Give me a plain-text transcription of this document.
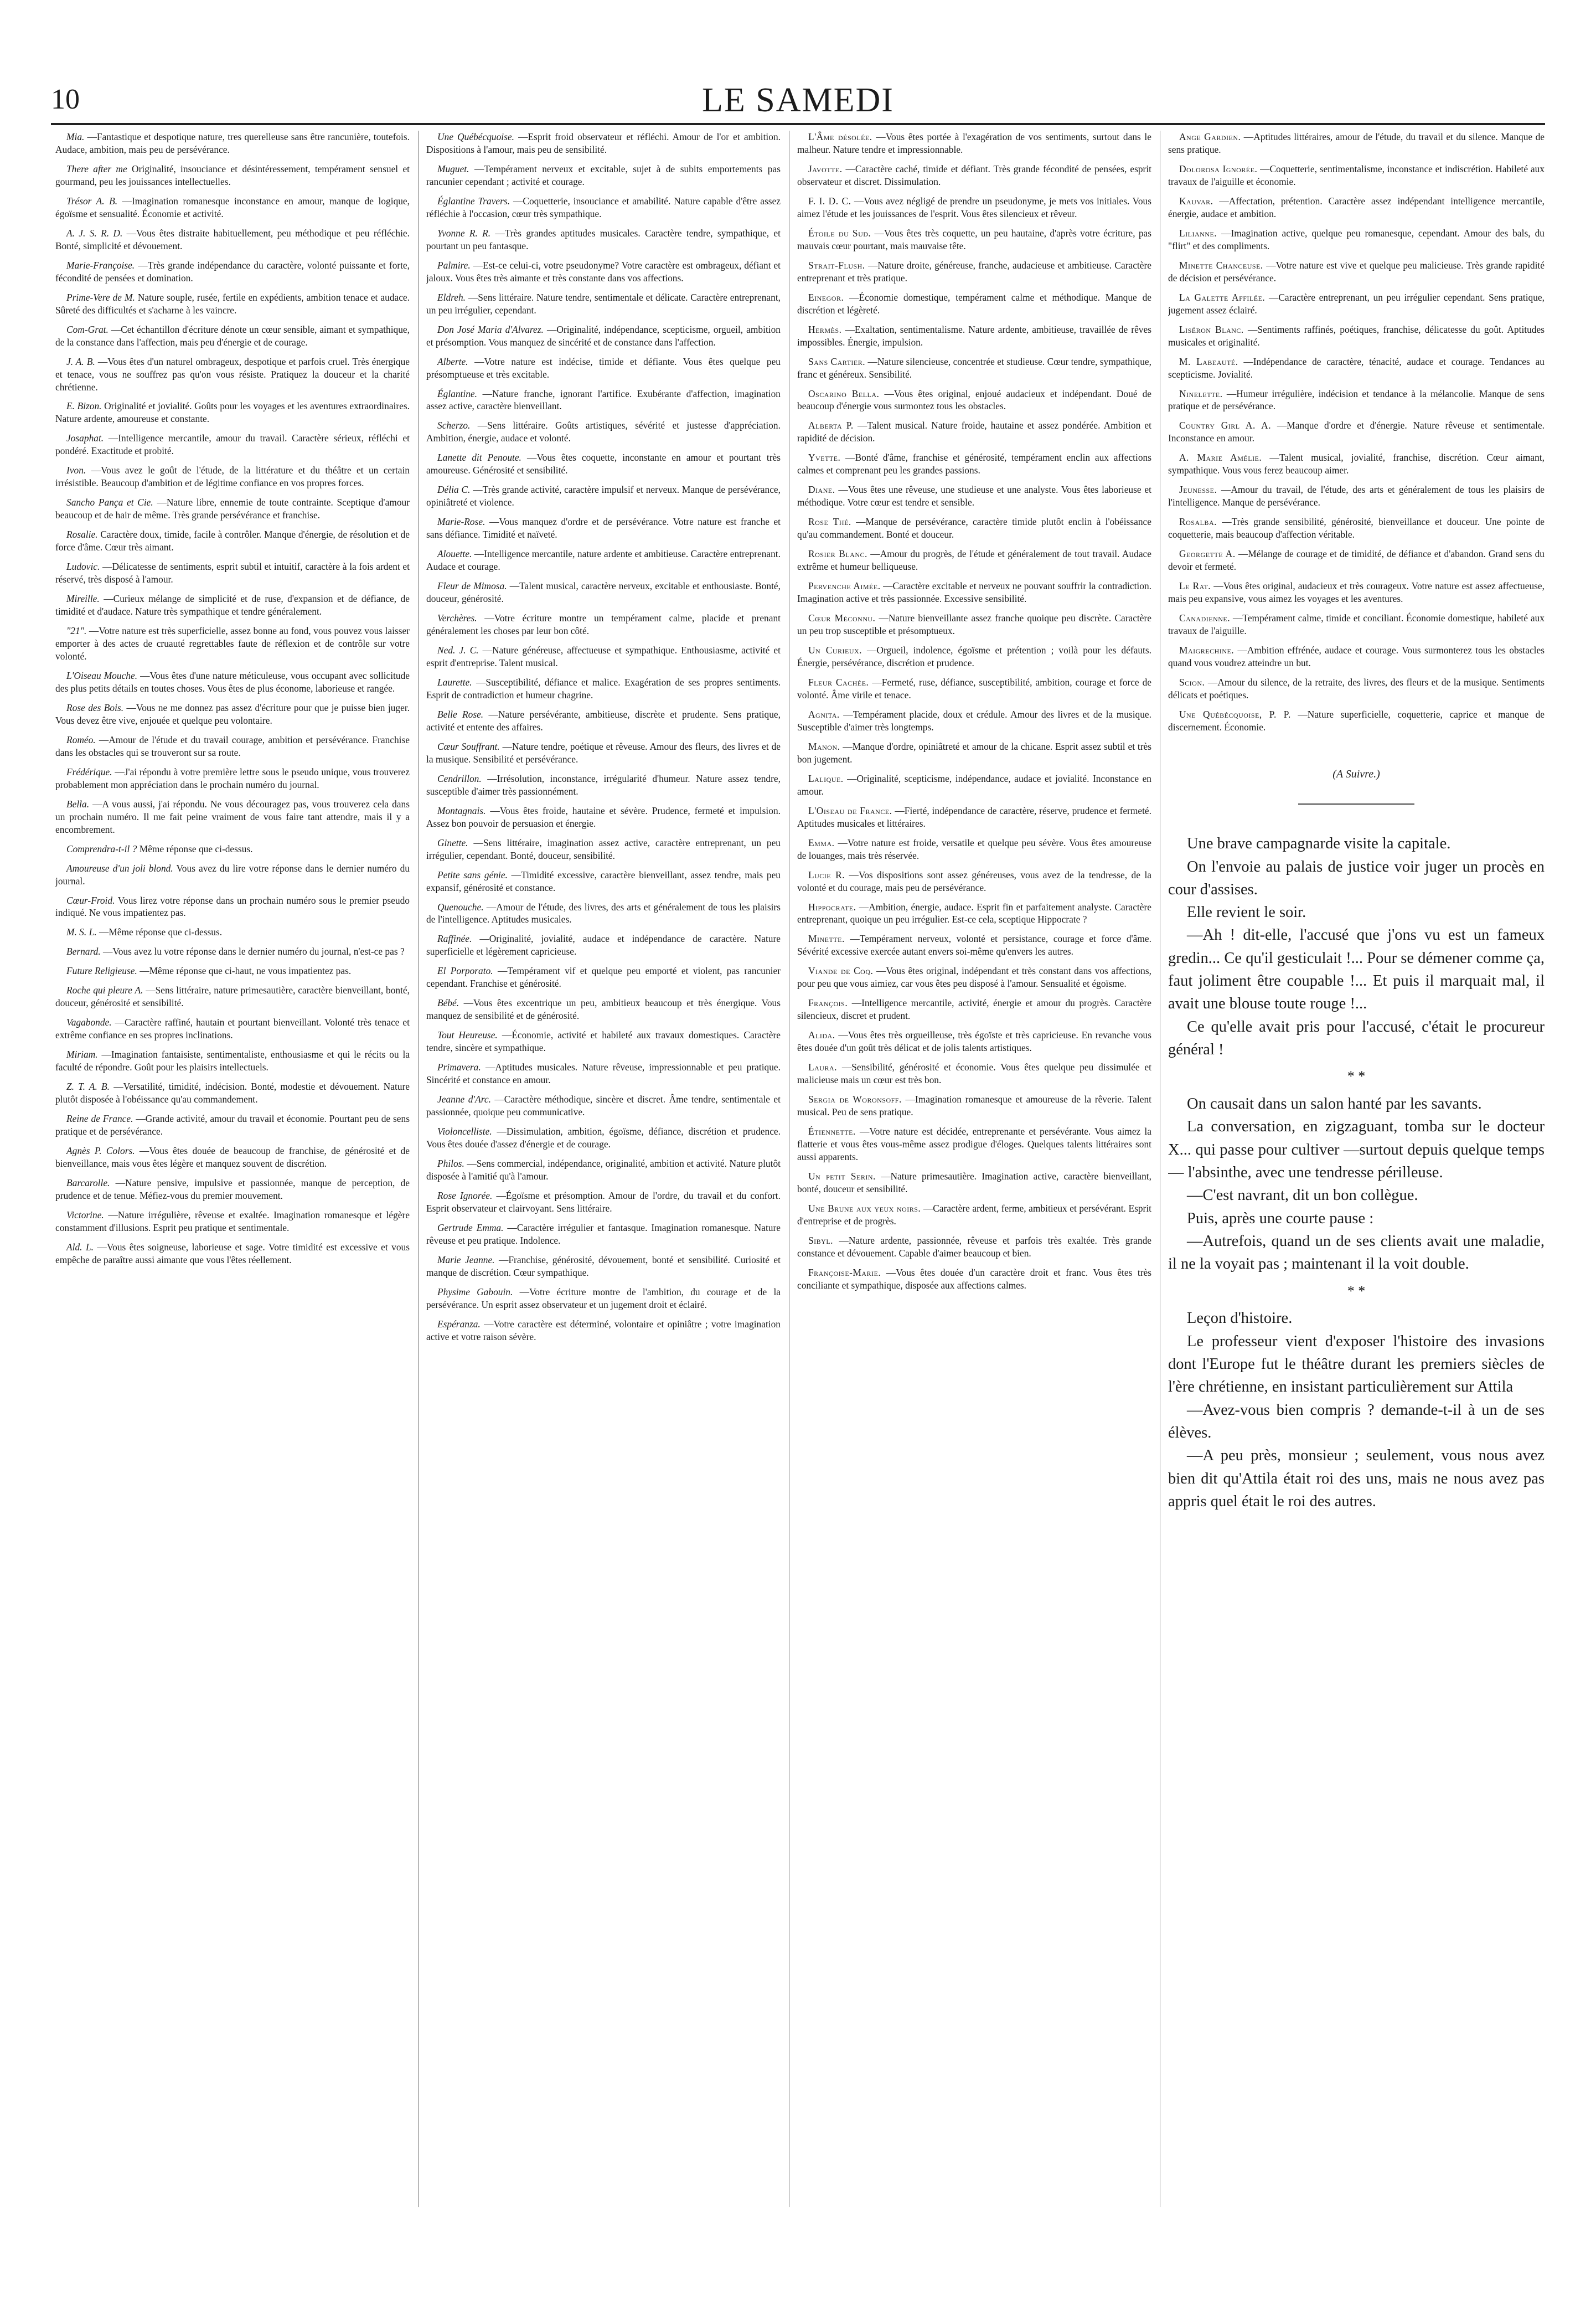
10	LE SAMEDI

Mia. —Fantastique et despotique nature, tres querelleuse sans être rancunière, toutefois. Audace, ambition, mais peu de persévérance.

There after me Originalité, insouciance et désintéressement, tempérament sensuel et gourmand, peu les jouissances intellectuelles.

Trésor A. B. —Imagination romanesque inconstance en amour, manque de logique, égoïsme et sensualité. Économie et activité.

A. J. S. R. D. —Vous êtes distraite habituellement, peu méthodique et peu réfléchie. Bonté, simplicité et dévouement.

Marie-Françoise. —Très grande indépendance du caractère, volonté puissante et forte, fécondité de pensées et domination.

Prime-Vere de M. Nature souple, rusée, fertile en expédients, ambition tenace et audace. Sûreté des difficultés et s'acharne à les vaincre.

Com-Grat. —Cet échantillon d'écriture dénote un cœur sensible, aimant et sympathique, de la constance dans l'affection, mais peu d'énergie et de courage.

J. A. B. —Vous êtes d'un naturel ombrageux, despotique et parfois cruel. Très énergique et tenace, vous ne souffrez pas qu'on vous résiste. Pratiquez la douceur et la charité chrétienne.

E. Bizon. Originalité et jovialité. Goûts pour les voyages et les aventures extraordinaires. Nature ardente, amoureuse et constante.

Josaphat. —Intelligence mercantile, amour du travail. Caractère sérieux, réfléchi et pondéré. Exactitude et probité.

Ivon. —Vous avez le goût de l'étude, de la littérature et du théâtre et un certain irrésistible. Beaucoup d'ambition et de légitime confiance en vos propres forces.

Sancho Pança et Cie. —Nature libre, ennemie de toute contrainte. Sceptique d'amour beaucoup et de hair de même. Très grande persévérance et franchise.

Rosalie. Caractère doux, timide, facile à contrôler. Manque d'énergie, de résolution et de force d'âme. Cœur très aimant.

Ludovic. —Délicatesse de sentiments, esprit subtil et intuitif, caractère à la fois ardent et réservé, très disposé à l'amour.

Mireille. —Curieux mélange de simplicité et de ruse, d'expansion et de défiance, de timidité et d'audace. Nature très sympathique et tendre généralement.

"21". —Votre nature est très superficielle, assez bonne au fond, vous pouvez vous laisser emporter à des actes de cruauté regrettables faute de réflexion et de contrôle sur votre volonté.

L'Oiseau Mouche. —Vous êtes d'une nature méticuleuse, vous occupant avec sollicitude des plus petits détails en toutes choses. Vous êtes de plus économe, laborieuse et rangée.

Rose des Bois. —Vous ne me donnez pas assez d'écriture pour que je puisse bien juger. Vous devez être vive, enjouée et quelque peu volontaire.

Roméo. —Amour de l'étude et du travail courage, ambition et persévérance. Franchise dans les obstacles qui se trouveront sur sa route.

Frédérique. —J'ai répondu à votre première lettre sous le pseudo unique, vous trouverez probablement mon appréciation dans le prochain numéro du journal.

Bella. —A vous aussi, j'ai répondu. Ne vous découragez pas, vous trouverez cela dans un prochain numéro. Il me fait peine vraiment de vous faire tant attendre, mais il y a encombrement.

Comprendra-t-il ? Même réponse que ci-dessus.

Amoureuse d'un joli blond. Vous avez du lire votre réponse dans le dernier numéro du journal.

Cœur-Froid. Vous lirez votre réponse dans un prochain numéro sous le premier pseudo indiqué. Ne vous impatientez pas.

M. S. L. —Même réponse que ci-dessus.

Bernard. —Vous avez lu votre réponse dans le dernier numéro du journal, n'est-ce pas ?

Future Religieuse. —Même réponse que ci-haut, ne vous impatientez pas.

Roche qui pleure A. —Sens littéraire, nature primesautière, caractère bienveillant, bonté, douceur, générosité et sensibilité.

Vagabonde. —Caractère raffiné, hautain et pourtant bienveillant. Volonté très tenace et extrême confiance en ses propres inclinations.

Miriam. —Imagination fantaisiste, sentimentaliste, enthousiasme et qui le récits ou la faculté de répondre. Goût pour les plaisirs intellectuels.

Z. T. A. B. —Versatilité, timidité, indécision. Bonté, modestie et dévouement. Nature plutôt disposée à l'obéissance qu'au commandement.

Reine de France. —Grande activité, amour du travail et économie. Pourtant peu de sens pratique et de persévérance.

Agnès P. Colors. —Vous êtes douée de beaucoup de franchise, de générosité et de bienveillance, mais vous êtes légère et manquez souvent de discrétion.

Barcarolle. —Nature pensive, impulsive et passionnée, manque de perception, de prudence et de tenue. Méfiez-vous du premier mouvement.

Victorine. —Nature irrégulière, rêveuse et exaltée. Imagination romanesque et légère constamment d'illusions. Esprit peu pratique et sentimentale.

Ald. L. —Vous êtes soigneuse, laborieuse et sage. Votre timidité est excessive et vous empêche de paraître aussi aimante que vous l'êtes réellement.

Une Québécquoise. —Esprit froid observateur et réfléchi. Amour de l'or et ambition. Dispositions à l'amour, mais peu de sensibilité.

Muguet. —Tempérament nerveux et excitable, sujet à de subits emportements pas rancunier cependant ; activité et courage.

Églantine Travers. —Coquetterie, insouciance et amabilité. Nature capable d'être assez réfléchie à l'occasion, cœur très sympathique.

Yvonne R. R. —Très grandes aptitudes musicales. Caractère tendre, sympathique, et pourtant un peu fantasque.

Palmire. —Est-ce celui-ci, votre pseudonyme? Votre caractère est ombrageux, défiant et jaloux. Vous êtes très aimante et très constante dans vos affections.

Eldreh. —Sens littéraire. Nature tendre, sentimentale et délicate. Caractère entreprenant, un peu irrégulier, cependant.

Don José Maria d'Alvarez. —Originalité, indépendance, scepticisme, orgueil, ambition et présomption. Vous manquez de sincérité et de constance dans l'affection.

Alberte. —Votre nature est indécise, timide et défiante. Vous êtes quelque peu présomptueuse et très excitable.

Églantine. —Nature franche, ignorant l'artifice. Exubérante d'affection, imagination assez active, caractère bienveillant.

Scherzo. —Sens littéraire. Goûts artistiques, sévérité et justesse d'appréciation. Ambition, énergie, audace et volonté.

Lanette dit Penoute. —Vous êtes coquette, inconstante en amour et pourtant très amoureuse. Générosité et sensibilité.

Délia C. —Très grande activité, caractère impulsif et nerveux. Manque de persévérance, opiniâtreté et violence.

Marie-Rose. —Vous manquez d'ordre et de persévérance. Votre nature est franche et sans défiance. Timidité et naïveté.

Alouette. —Intelligence mercantile, nature ardente et ambitieuse. Caractère entreprenant. Audace et courage.

Fleur de Mimosa. —Talent musical, caractère nerveux, excitable et enthousiaste. Bonté, douceur, générosité.

Verchères. —Votre écriture montre un tempérament calme, placide et prenant généralement les choses par leur bon côté.

Ned. J. C. —Nature généreuse, affectueuse et sympathique. Enthousiasme, activité et esprit d'entreprise. Talent musical.

Laurette. —Susceptibilité, défiance et malice. Exagération de ses propres sentiments. Esprit de contradiction et humeur chagrine.

Belle Rose. —Nature persévérante, ambitieuse, discrète et prudente. Sens pratique, activité et entente des affaires.

Cœur Souffrant. —Nature tendre, poétique et rêveuse. Amour des fleurs, des livres et de la musique. Sensibilité et persévérance.

Cendrillon. —Irrésolution, inconstance, irrégularité d'humeur. Nature assez tendre, susceptible d'aimer très passionnément.

Montagnais. —Vous êtes froide, hautaine et sévère. Prudence, fermeté et impulsion. Assez bon pouvoir de persuasion et énergie.

Ginette. —Sens littéraire, imagination assez active, caractère entreprenant, un peu irrégulier, cependant. Bonté, douceur, sensibilité.

Petite sans génie. —Timidité excessive, caractère bienveillant, assez tendre, mais peu expansif, générosité et constance.

Quenouche. —Amour de l'étude, des livres, des arts et généralement de tous les plaisirs de l'intelligence. Aptitudes musicales.

Raffinée. —Originalité, jovialité, audace et indépendance de caractère. Nature superficielle et légèrement capricieuse.

El Porporato. —Tempérament vif et quelque peu emporté et violent, pas rancunier cependant. Franchise et générosité.

Bébé. —Vous êtes excentrique un peu, ambitieux beaucoup et très énergique. Vous manquez de sensibilité et de générosité.

Tout Heureuse. —Économie, activité et habileté aux travaux domestiques. Caractère tendre, sincère et sympathique.

Primavera. —Aptitudes musicales. Nature rêveuse, impressionnable et peu pratique. Sincérité et constance en amour.

Jeanne d'Arc. —Caractère méthodique, sincère et discret. Âme tendre, sentimentale et passionnée, quoique peu communicative.

Violoncelliste. —Dissimulation, ambition, égoïsme, défiance, discrétion et prudence. Vous êtes douée d'assez d'énergie et de courage.

Philos. —Sens commercial, indépendance, originalité, ambition et activité. Nature plutôt disposée à l'amitié qu'à l'amour.

Rose Ignorée. —Égoïsme et présomption. Amour de l'ordre, du travail et du confort. Esprit observateur et clairvoyant. Sens littéraire.

Gertrude Emma. —Caractère irrégulier et fantasque. Imagination romanesque. Nature rêveuse et peu pratique. Indolence.

Marie Jeanne. —Franchise, générosité, dévouement, bonté et sensibilité. Curiosité et manque de discrétion. Cœur sympathique.

Physime Gabouin. —Votre écriture montre de l'ambition, du courage et de la persévérance. Un esprit assez observateur et un jugement droit et éclairé.

Espéranza. —Votre caractère est déterminé, volontaire et opiniâtre ; votre imagination active et votre raison sévère.

L'Âme désolée. —Vous êtes portée à l'exagération de vos sentiments, surtout dans le malheur. Nature tendre et impressionnable.

Javotte. —Caractère caché, timide et défiant. Très grande fécondité de pensées, esprit observateur et discret. Dissimulation.

F. I. D. C. —Vous avez négligé de prendre un pseudonyme, je mets vos initiales. Vous aimez l'étude et les jouissances de l'esprit. Vous êtes silencieux et rêveur.

Étoile du Sud. —Vous êtes très coquette, un peu hautaine, d'après votre écriture, pas mauvais cœur pourtant, mais mauvaise tête.

Strait-Flush. —Nature droite, généreuse, franche, audacieuse et ambitieuse. Caractère entreprenant et très pratique.

Einegor. —Économie domestique, tempérament calme et méthodique. Manque de discrétion et légèreté.

Hermès. —Exaltation, sentimentalisme. Nature ardente, ambitieuse, travaillée de rêves impossibles. Énergie, impulsion.

Sans Cartier. —Nature silencieuse, concentrée et studieuse. Cœur tendre, sympathique, franc et généreux. Sensibilité.

Oscarino Bella. —Vous êtes original, enjoué audacieux et indépendant. Doué de beaucoup d'énergie vous surmontez tous les obstacles.

Alberta P. —Talent musical. Nature froide, hautaine et assez pondérée. Ambition et rapidité de décision.

Yvette. —Bonté d'âme, franchise et générosité, tempérament enclin aux affections calmes et comprenant peu les grandes passions.

Diane. —Vous êtes une rêveuse, une studieuse et une analyste. Vous êtes laborieuse et méthodique. Votre cœur est tendre et sensible.

Rose Thé. —Manque de persévérance, caractère timide plutôt enclin à l'obéissance qu'au commandement. Bonté et douceur.

Rosier Blanc. —Amour du progrès, de l'étude et généralement de tout travail. Audace extrême et humeur belliqueuse.

Pervenche Aimée. —Caractère excitable et nerveux ne pouvant souffrir la contradiction. Imagination active et très passionnée. Excessive sensibilité.

Cœur Méconnu. —Nature bienveillante assez franche quoique peu discrète. Caractère un peu trop susceptible et présomptueux.

Un Curieux. —Orgueil, indolence, égoïsme et prétention ; voilà pour les défauts. Énergie, persévérance, discrétion et prudence.

Fleur Cachée. —Fermeté, ruse, défiance, susceptibilité, ambition, courage et force de volonté. Âme virile et tenace.

Agnita. —Tempérament placide, doux et crédule. Amour des livres et de la musique. Susceptible d'aimer très longtemps.

Manon. —Manque d'ordre, opiniâtreté et amour de la chicane. Esprit assez subtil et très bon jugement.

Lalique. —Originalité, scepticisme, indépendance, audace et jovialité. Inconstance en amour.

L'Oiseau de France. —Fierté, indépendance de caractère, réserve, prudence et fermeté. Aptitudes musicales et littéraires.

Emma. —Votre nature est froide, versatile et quelque peu sévère. Vous êtes amoureuse de louanges, mais très réservée.

Lucie R. —Vos dispositions sont assez généreuses, vous avez de la tendresse, de la volonté et du courage, mais peu de persévérance.

Hippocrate. —Ambition, énergie, audace. Esprit fin et parfaitement analyste. Caractère entreprenant, quoique un peu irrégulier. Est-ce cela, sceptique Hippocrate ?

Minette. —Tempérament nerveux, volonté et persistance, courage et force d'âme. Sévérité excessive exercée autant envers soi-même qu'envers les autres.

Viande de Coq. —Vous êtes original, indépendant et très constant dans vos affections, pour peu que vous aimiez, car vous êtes peu disposé à l'amour. Sensualité et égoïsme.

François. —Intelligence mercantile, activité, énergie et amour du progrès. Caractère silencieux, discret et prudent.

Alida. —Vous êtes très orgueilleuse, très égoïste et très capricieuse. En revanche vous êtes douée d'un goût très délicat et de jolis talents artistiques.

Laura. —Sensibilité, générosité et économie. Vous êtes quelque peu dissimulée et malicieuse mais un cœur est très bon.

Sergia de Woronsoff. —Imagination romanesque et amoureuse de la rêverie. Talent musical. Peu de sens pratique.

Étiennette. —Votre nature est décidée, entreprenante et persévérante. Vous aimez la flatterie et vous êtes vous-même assez prodigue d'éloges. Quelques talents littéraires sont aussi apparents.

Un petit Serin. —Nature primesautière. Imagination active, caractère bienveillant, bonté, douceur et sensibilité.

Une Brune aux yeux noirs. —Caractère ardent, ferme, ambitieux et persévérant. Esprit d'entreprise et de progrès.

Sibyl. —Nature ardente, passionnée, rêveuse et parfois très exaltée. Très grande constance et dévouement. Capable d'aimer beaucoup et bien.

Françoise-Marie. —Vous êtes douée d'un caractère droit et franc. Vous êtes très conciliante et sympathique, disposée aux affections calmes.

Ange Gardien. —Aptitudes littéraires, amour de l'étude, du travail et du silence. Manque de sens pratique.

Dolorosa Ignorée. —Coquetterie, sentimentalisme, inconstance et indiscrétion. Habileté aux travaux de l'aiguille et économie.

Kauvar. —Affectation, prétention. Caractère assez indépendant intelligence mercantile, énergie, audace et ambition.

Lilianne. —Imagination active, quelque peu romanesque, cependant. Amour des bals, du "flirt" et des compliments.

Minette Chanceuse. —Votre nature est vive et quelque peu malicieuse. Très grande rapidité de décision et persévérance.

La Galette Affilée. —Caractère entreprenant, un peu irrégulier cependant. Sens pratique, jugement assez éclairé.

Lisëron Blanc. —Sentiments raffinés, poétiques, franchise, délicatesse du goût. Aptitudes musicales et originalité.

M. Labeauté. —Indépendance de caractère, ténacité, audace et courage. Tendances au scepticisme. Jovialité.

Ninelette. —Humeur irrégulière, indécision et tendance à la mélancolie. Manque de sens pratique et de persévérance.

Country Girl A. A. —Manque d'ordre et d'énergie. Nature rêveuse et sentimentale. Inconstance en amour.

A. Marie Amélie. —Talent musical, jovialité, franchise, discrétion. Cœur aimant, sympathique. Vous vous ferez beaucoup aimer.

Jeunesse. —Amour du travail, de l'étude, des arts et généralement de tous les plaisirs de l'intelligence. Manque de persévérance.

Rosalba. —Très grande sensibilité, générosité, bienveillance et douceur. Une pointe de coquetterie, mais beaucoup d'affection véritable.

Georgette A. —Mélange de courage et de timidité, de défiance et d'abandon. Grand sens du devoir et fermeté.

Le Rat. —Vous êtes original, audacieux et très courageux. Votre nature est assez affectueuse, mais peu expansive, vous aimez les voyages et les aventures.

Canadienne. —Tempérament calme, timide et conciliant. Économie domestique, habileté aux travaux de l'aiguille.

Maigrechine. —Ambition effrénée, audace et courage. Vous surmonterez tous les obstacles quand vous voudrez atteindre un but.

Scion. —Amour du silence, de la retraite, des livres, des fleurs et de la musique. Sentiments délicats et poétiques.

Une Québécquoise, P. P. —Nature superficielle, coquetterie, caprice et manque de discernement. Économie.

(A Suivre.)

Une brave campagnarde visite la capitale.

On l'envoie au palais de justice voir juger un procès en cour d'assises.

Elle revient le soir.

—Ah ! dit-elle, l'accusé que j'ons vu est un fameux gredin... Ce qu'il gesticulait !... Pour se démener comme ça, faut joliment être coupable !... Et puis il marquait mal, il avait une blouse toute rouge !...

Ce qu'elle avait pris pour l'accusé, c'était le procureur général !

* *

On causait dans un salon hanté par les savants.

La conversation, en zigzaguant, tomba sur le docteur X... qui passe pour cultiver —surtout depuis quelque temps— l'absinthe, avec une tendresse périlleuse.

—C'est navrant, dit un bon collègue.

Puis, après une courte pause :

—Autrefois, quand un de ses clients avait une maladie, il ne la voyait pas ; maintenant il la voit double.

* *

Leçon d'histoire.

Le professeur vient d'exposer l'histoire des invasions dont l'Europe fut le théâtre durant les premiers siècles de l'ère chrétienne, en insistant particulièrement sur Attila

—Avez-vous bien compris ? demande-t-il à un de ses élèves.

—A peu près, monsieur ; seulement, vous nous avez bien dit qu'Attila était roi des uns, mais ne nous avez pas appris quel était le roi des autres.
